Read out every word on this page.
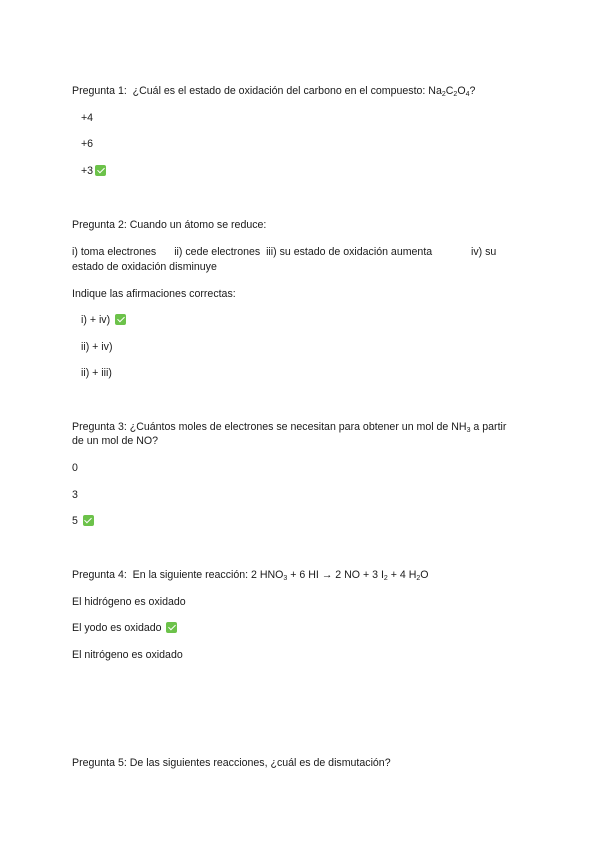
Pregunta 1: ¿Cuál es el estado de oxidación del carbono en el compuesto: $Na_2C_2O_4$?
+4
+6
+3
Pregunta 2: Cuando un átomo se reduce:
i) toma electrones ii) cede electrones iii) su estado de oxidación aumenta	iv) su
estado de oxidación disminuye
Indique las afirmaciones correctas:
i) + iv)
ii) + iv)
ii) + iii)
Pregunta 3: ¿Cuántos moles de electrones se necesitan para obtener un mol de $NH_3$ a partir
de un mol de NO?
0
3
5
Pregunta 4: En la siguiente reacción: 2 $HNO_3 + 6$ HI → 2 NO + 3 $I_2 + 4$ $H_2O$
El hidrógeno es oxidado
El yodo es oxidado
El nitrógeno es oxidado
Pregunta 5: De las siguientes reacciones, ¿cuál es de dismutación?
